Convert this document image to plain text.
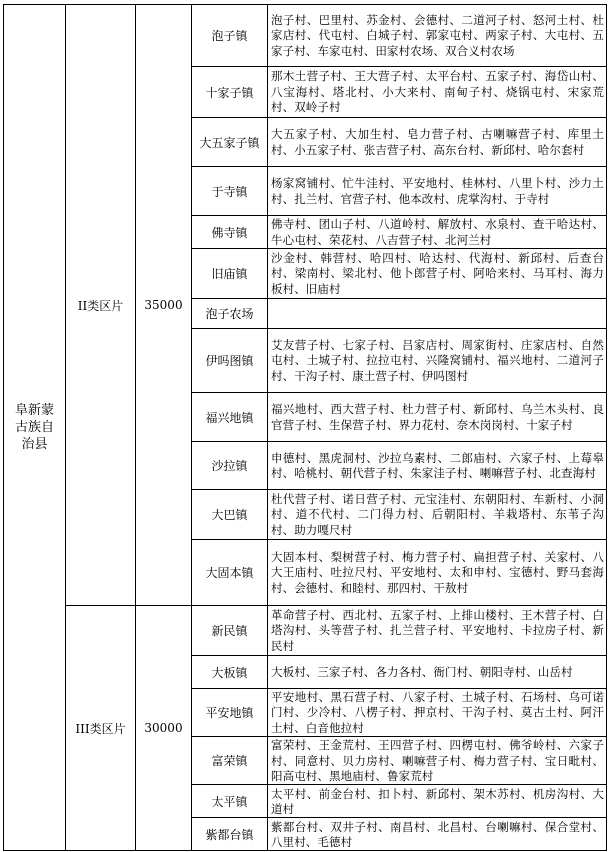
阜新蒙古族自治县	II类区片	35000	泡子镇	泡子村、巴里村、苏金村、会德村、二道河子村、怒河土村、杜家店村、代屯村、白城子村、郭家屯村、两家子村、大屯村、五家子村、车家屯村、田家村农场、双合义村农场
			十家子镇	那木土营子村、王大营子村、太平台村、五家子村、海岱山村、八宝海村、塔北村、小大来村、南甸子村、烧锅屯村、宋家荒村、双岭子村
			大五家子镇	大五家子村、大加生村、皂力营子村、古喇嘛营子村、库里土村、小五家子村、张吉营子村、高东台村、新邱村、哈尔套村
			于寺镇	杨家窝铺村、忙牛洼村、平安地村、桂林村、八里卜村、沙力土村、扎兰村、官营子村、他本改村、虎掌沟村、于寺村
			佛寺镇	佛寺村、团山子村、八道岭村、解放村、水泉村、查干哈达村、牛心屯村、荣花村、八吉营子村、北河兰村
			旧庙镇	沙金村、韩营村、哈四村、哈达村、代海村、新邱村、后查台村、梁南村、梁北村、他卜郎营子村、阿哈来村、马耳村、海力板村、旧庙村
			泡子农场	
			伊吗图镇	艾友营子村、七家子村、吕家店村、周家街村、庄家店村、自然屯村、土城子村、拉拉屯村、兴隆窝铺村、福兴地村、二道河子村、干沟子村、康土营子村、伊吗图村
			福兴地镇	福兴地村、西大营子村、杜力营子村、新邱村、乌兰木头村、良官营子村、生保营子村、界力花村、奈木岗岗村、十家子村
			沙拉镇	申德村、黑虎洞村、沙拉乌素村、二郎庙村、六家子村、上莓皋村、哈桃村、朝代营子村、朱家洼子村、喇嘛营子村、北查海村
			大巴镇	杜代营子村、诺日营子村、元宝洼村、东朝阳村、车新村、小洞村、道不代村、二门得力村、后朝阳村、羊栽塔村、东苇子沟村、助力嘎尺村
			大固本镇	大固本村、梨树营子村、梅力营子村、扁担营子村、关家村、八大王庙村、吐拉尺村、平安地村、太和申村、宝德村、野马套海村、会德村、和睦村、那四村、干敖村

	III类区片	30000	新民镇	革命营子村、西北村、五家子村、上排山楼村、王木营子村、白塔沟村、头等营子村、扎兰营子村、平安地村、卡拉房子村、新民村
			大板镇	大板村、三家子村、各力各村、衙门村、朝阳寺村、山岳村
			平安地镇	平安地村、黑石营子村、八家子村、土城子村、石场村、乌可诺门村、少冷村、八楞子村、押京村、干沟子村、莫古土村、阿汗土村、白音他拉村
			富荣镇	富荣村、王金荒村、王四营子村、四楞屯村、佛爷岭村、六家子村、同意村、贝力房村、喇嘛营子村、梅力营子村、宝日毗村、阳高屯村、黑地庙村、鲁家荒村
			太平镇	太平村、前金台村、扣卜村、新邱村、架木苏村、机房沟村、大道村
			紫都台镇	紫都台村、双井子村、南昌村、北昌村、台喇嘛村、保合堂村、八里村、毛德村
